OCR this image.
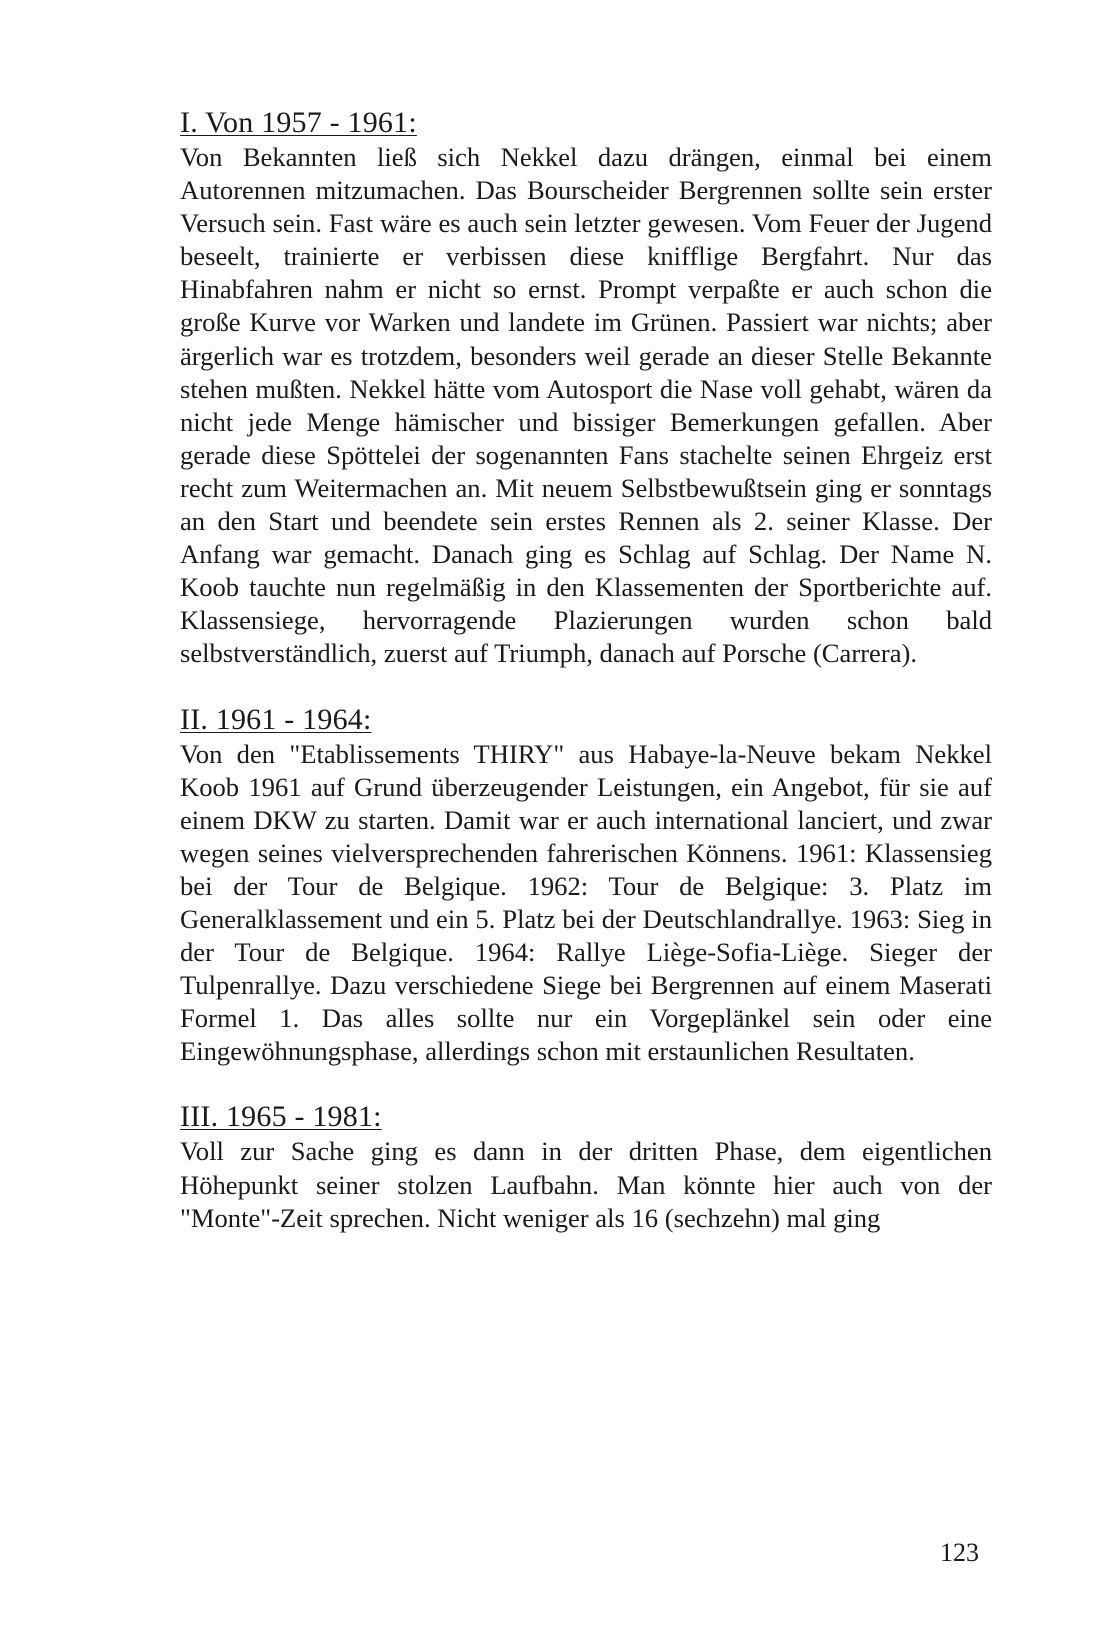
I. Von 1957 - 1961:

Von Bekannten ließ sich Nekkel dazu drängen, einmal bei einem Autorennen mitzumachen. Das Bourscheider Bergrennen sollte sein erster Versuch sein. Fast wäre es auch sein letzter gewesen. Vom Feuer der Jugend beseelt, trainierte er verbissen diese knifflige Bergfahrt. Nur das Hinabfahren nahm er nicht so ernst. Prompt verpaßte er auch schon die große Kurve vor Warken und landete im Grünen. Passiert war nichts; aber ärgerlich war es trotzdem, besonders weil gerade an dieser Stelle Bekannte stehen mußten. Nekkel hätte vom Autosport die Nase voll gehabt, wären da nicht jede Menge hämischer und bissiger Bemerkungen gefallen. Aber gerade diese Spöttelei der sogenannten Fans stachelte seinen Ehrgeiz erst recht zum Weitermachen an. Mit neuem Selbstbewußtsein ging er sonntags an den Start und beendete sein erstes Rennen als 2. seiner Klasse. Der Anfang war gemacht. Danach ging es Schlag auf Schlag. Der Name N. Koob tauchte nun regelmäßig in den Klassementen der Sportberichte auf. Klassensiege, hervorragende Plazierungen wurden schon bald selbstverständlich, zuerst auf Triumph, danach auf Porsche (Carrera).

II. 1961 - 1964:

Von den "Etablissements THIRY" aus Habaye-la-Neuve bekam Nekkel Koob 1961 auf Grund überzeugender Leistungen, ein Angebot, für sie auf einem DKW zu starten. Damit war er auch international lanciert, und zwar wegen seines vielversprechenden fahrerischen Könnens. 1961: Klassensieg bei der Tour de Belgique. 1962: Tour de Belgique: 3. Platz im Generalklassement und ein 5. Platz bei der Deutschlandrallye. 1963: Sieg in der Tour de Belgique. 1964: Rallye Liège-Sofia-Liège. Sieger der Tulpenrallye. Dazu verschiedene Siege bei Bergrennen auf einem Maserati Formel 1. Das alles sollte nur ein Vorgeplänkel sein oder eine Eingewöhnungsphase, allerdings schon mit erstaunlichen Resultaten.

III. 1965 - 1981:

Voll zur Sache ging es dann in der dritten Phase, dem eigentlichen Höhepunkt seiner stolzen Laufbahn. Man könnte hier auch von der "Monte"-Zeit sprechen. Nicht weniger als 16 (sechzehn) mal ging

123
